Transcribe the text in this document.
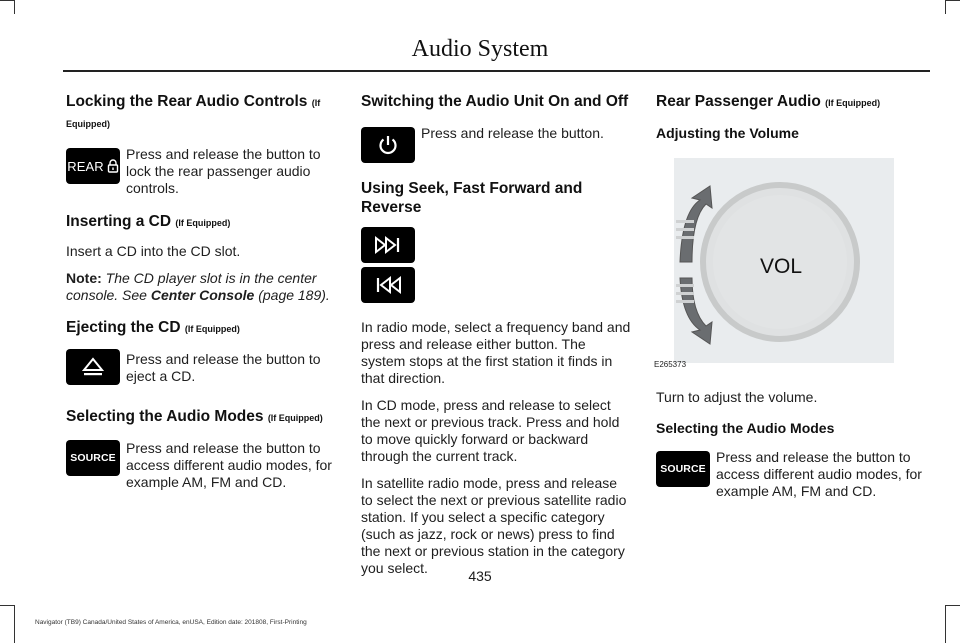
Audio System
Locking the Rear Audio Controls (If Equipped)
REAR
Press and release the button to lock the rear passenger audio controls.
Inserting a CD (If Equipped)

Insert a CD into the CD slot.

Note: The CD player slot is in the center console. See Center Console (page 189).

Ejecting the CD (If Equipped)
Press and release the button to eject a CD.
Selecting the Audio Modes (If Equipped)
SOURCE
Press and release the button to access different audio modes, for example AM, FM and CD.
Switching the Audio Unit On and Off
Press and release the button.
Using Seek, Fast Forward and Reverse

In radio mode, select a frequency band and press and release either button. The system stops at the first station it finds in that direction.

In CD mode, press and release to select the next or previous track. Press and hold to move quickly forward or backward through the current track.

In satellite radio mode, press and release to select the next or previous satellite radio station. If you select a specific category (such as jazz, rock or news) press to find the next or previous station in the category you select.

Rear Passenger Audio (If Equipped)
Adjusting the Volume
VOL
E265373

Turn to adjust the volume.

Selecting the Audio Modes
SOURCE
Press and release the button to access different audio modes, for example AM, FM and CD.
435
Navigator (TB9) Canada/United States of America, enUSA, Edition date: 201808, First-Printing
